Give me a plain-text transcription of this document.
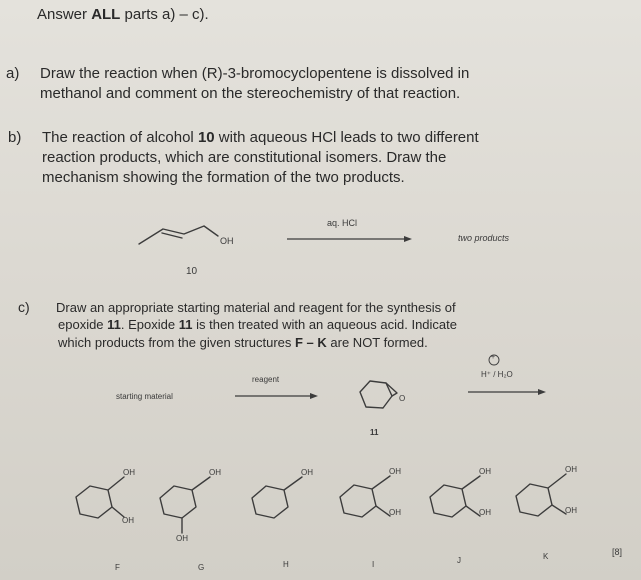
Answer ALL parts a) – c).
a) Draw the reaction when (R)-3-bromocyclopentene is dissolved in
methanol and comment on the stereochemistry of that reaction.
b) The reaction of alcohol 10 with aqueous HCl leads to two different
reaction products, which are constitutional isomers. Draw the
mechanism showing the formation of the two products.
OH
10
aq. HCl
two products
c) Draw an appropriate starting material and reagent for the synthesis of
epoxide 11. Epoxide 11 is then treated with an aqueous acid. Indicate
which products from the given structures F – K are NOT formed.
starting material
reagent
O
11
+
H⁺ / H₂O
OH
OH
OH
OH
OH	OH
OH
OH
OH
OH
OH
F	G	H	I	J	K	[8]
